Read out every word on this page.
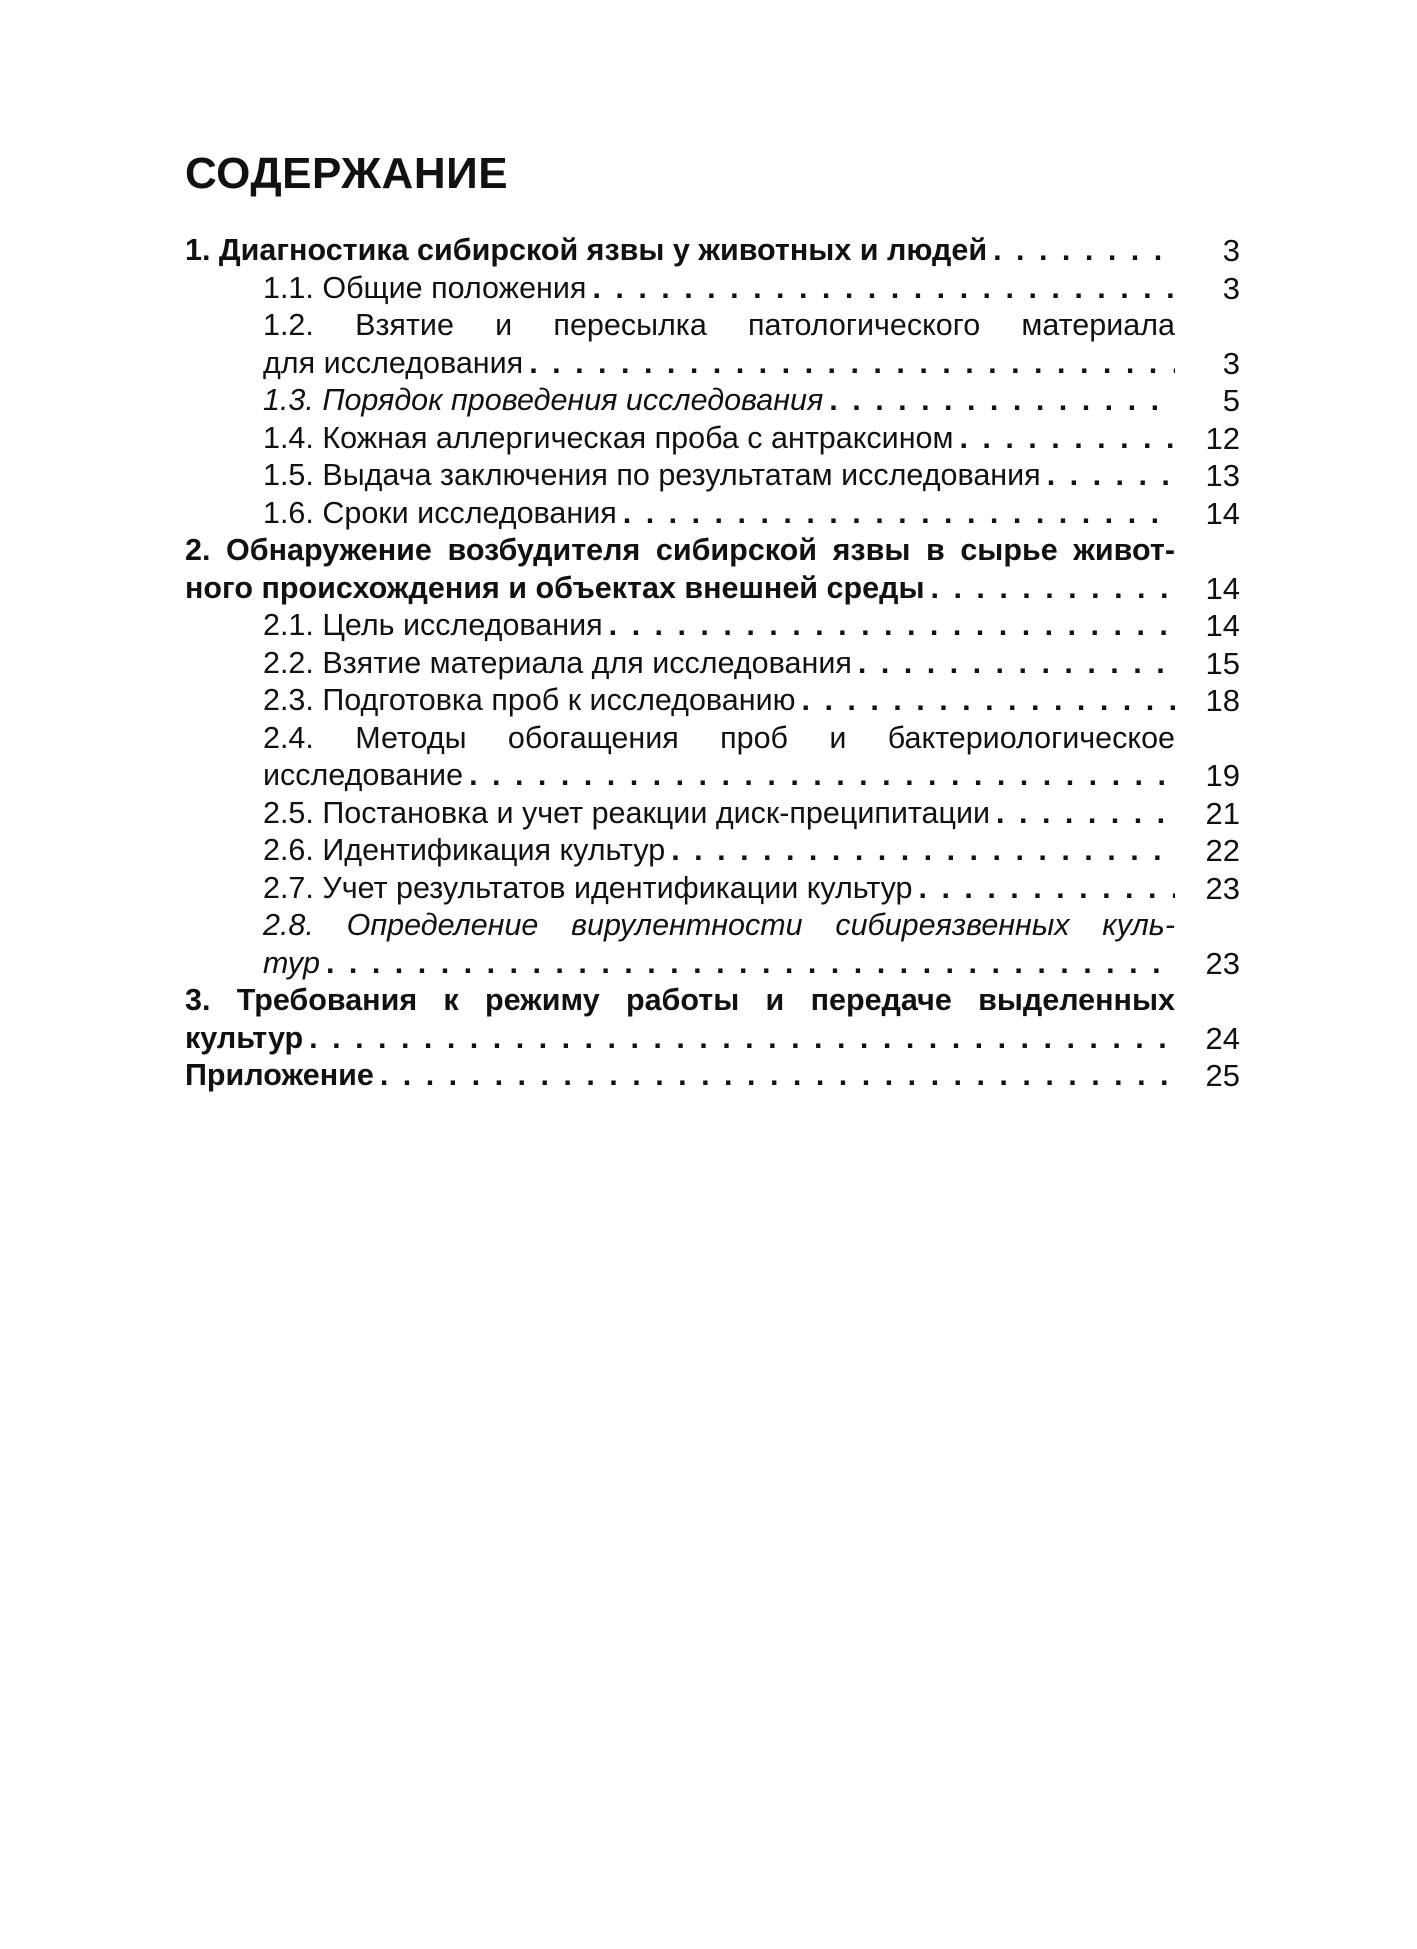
СОДЕРЖАНИЕ
1. Диагностика сибирской язвы у животных и людей . . .	3
1.1. Общие положения . . .	3
1.2. Взятие и пересылка патологического материала
для исследования . . .	3
1.3. Порядок проведения исследования . . .	5
1.4. Кожная аллергическая проба с антраксином . . .	12
1.5. Выдача заключения по результатам исследования . . .	13
1.6. Сроки исследования . . .	14
2. Обнаружение возбудителя сибирской язвы в сырье живот-
ного происхождения и объектах внешней среды . . .	14
2.1. Цель исследования . . .	14
2.2. Взятие материала для исследования . . .	15
2.3. Подготовка проб к исследованию . . .	18
2.4. Методы обогащения проб и бактериологическое
исследование . . .	19
2.5. Постановка и учет реакции диск-преципитации . . .	21
2.6. Идентификация культур . . .	22
2.7. Учет результатов идентификации культур . . .	23
2.8. Определение вирулентности сибиреязвенных куль-
тур . . .	23
3. Требования к режиму работы и передаче выделенных
культур . . .	24
Приложение . . .	25
